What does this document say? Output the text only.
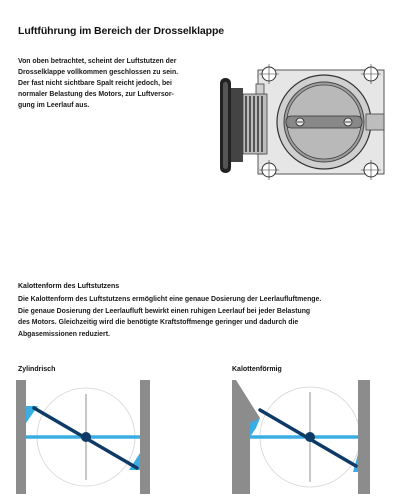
Luftführung im Bereich der Drosselklappe

Von oben betrachtet, scheint der Luftstutzen der

Drosselklappe vollkommen geschlossen zu sein.

Der fast nicht sichtbare Spalt reicht jedoch, bei

normaler Belastung des Motors, zur Luftversor-

gung im Leerlauf aus.

Kalottenform des Luftstutzens

Die Kalottenform des Luftstutzens ermöglicht eine genaue Dosierung der Leerlaufluftmenge.

Die genaue Dosierung der Leerlaufluft bewirkt einen ruhigen Leerlauf bei jeder Belastung

des Motors. Gleichzeitig wird die benötigte Kraftstoffmenge geringer und dadurch die

Abgasemissionen reduziert.

Zylindrisch	Kalottenförmig
